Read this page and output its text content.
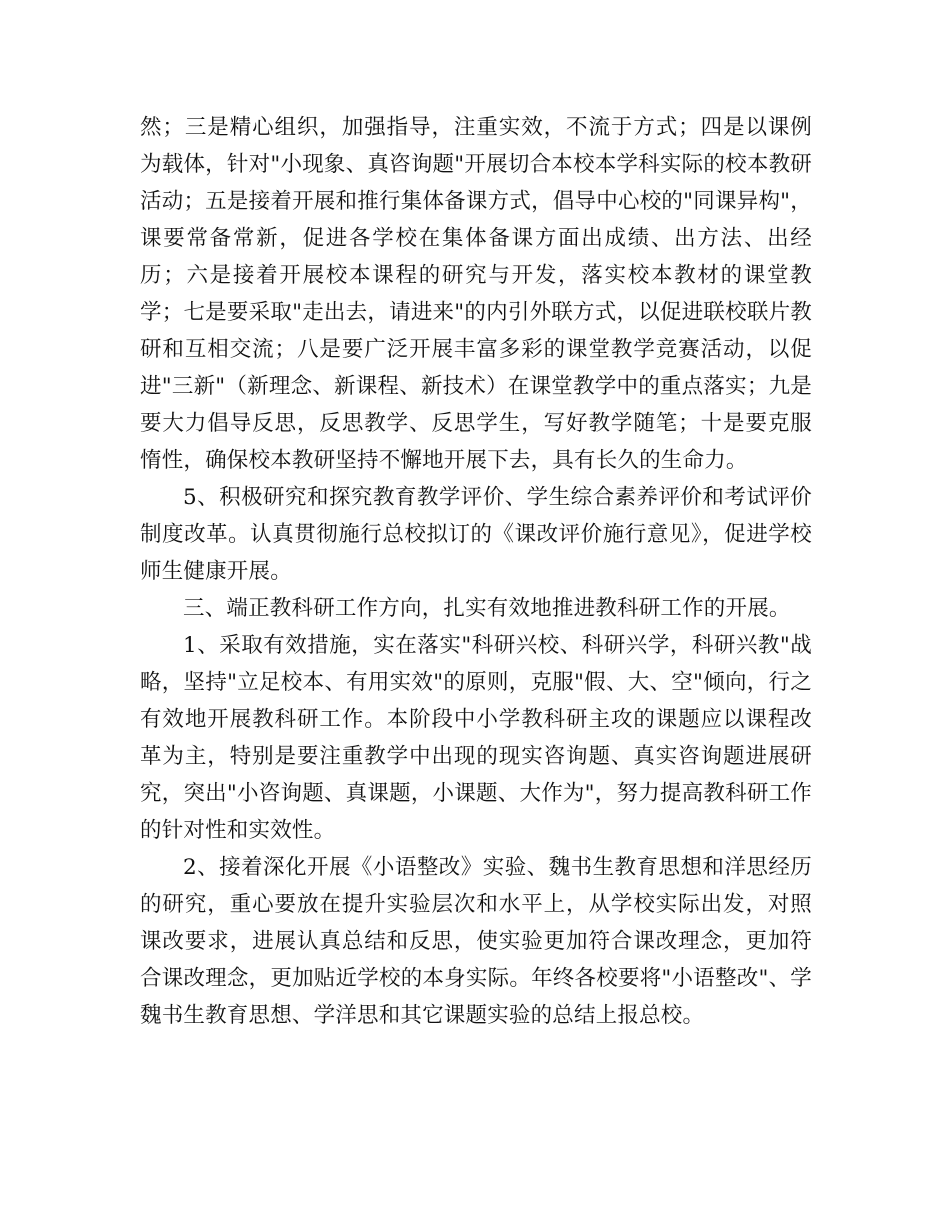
然；三是精心组织，加强指导，注重实效，不流于方式；四是以课例为载体，针对"小现象、真咨询题"开展切合本校本学科实际的校本教研活动；五是接着开展和推行集体备课方式，倡导中心校的"同课异构"，课要常备常新，促进各学校在集体备课方面出成绩、出方法、出经历；六是接着开展校本课程的研究与开发，落实校本教材的课堂教学；七是要采取"走出去，请进来"的内引外联方式，以促进联校联片教研和互相交流；八是要广泛开展丰富多彩的课堂教学竞赛活动，以促进"三新"（新理念、新课程、新技术）在课堂教学中的重点落实；九是要大力倡导反思，反思教学、反思学生，写好教学随笔；十是要克服惰性，确保校本教研坚持不懈地开展下去，具有长久的生命力。

5、积极研究和探究教育教学评价、学生综合素养评价和考试评价制度改革。认真贯彻施行总校拟订的《课改评价施行意见》，促进学校师生健康开展。

三、端正教科研工作方向，扎实有效地推进教科研工作的开展。

1、采取有效措施，实在落实"科研兴校、科研兴学，科研兴教"战略，坚持"立足校本、有用实效"的原则，克服"假、大、空"倾向，行之有效地开展教科研工作。本阶段中小学教科研主攻的课题应以课程改革为主，特别是要注重教学中出现的现实咨询题、真实咨询题进展研究，突出"小咨询题、真课题，小课题、大作为"，努力提高教科研工作的针对性和实效性。

2、接着深化开展《小语整改》实验、魏书生教育思想和洋思经历的研究，重心要放在提升实验层次和水平上，从学校实际出发，对照课改要求，进展认真总结和反思，使实验更加符合课改理念，更加符合课改理念，更加贴近学校的本身实际。年终各校要将"小语整改"、学魏书生教育思想、学洋思和其它课题实验的总结上报总校。
